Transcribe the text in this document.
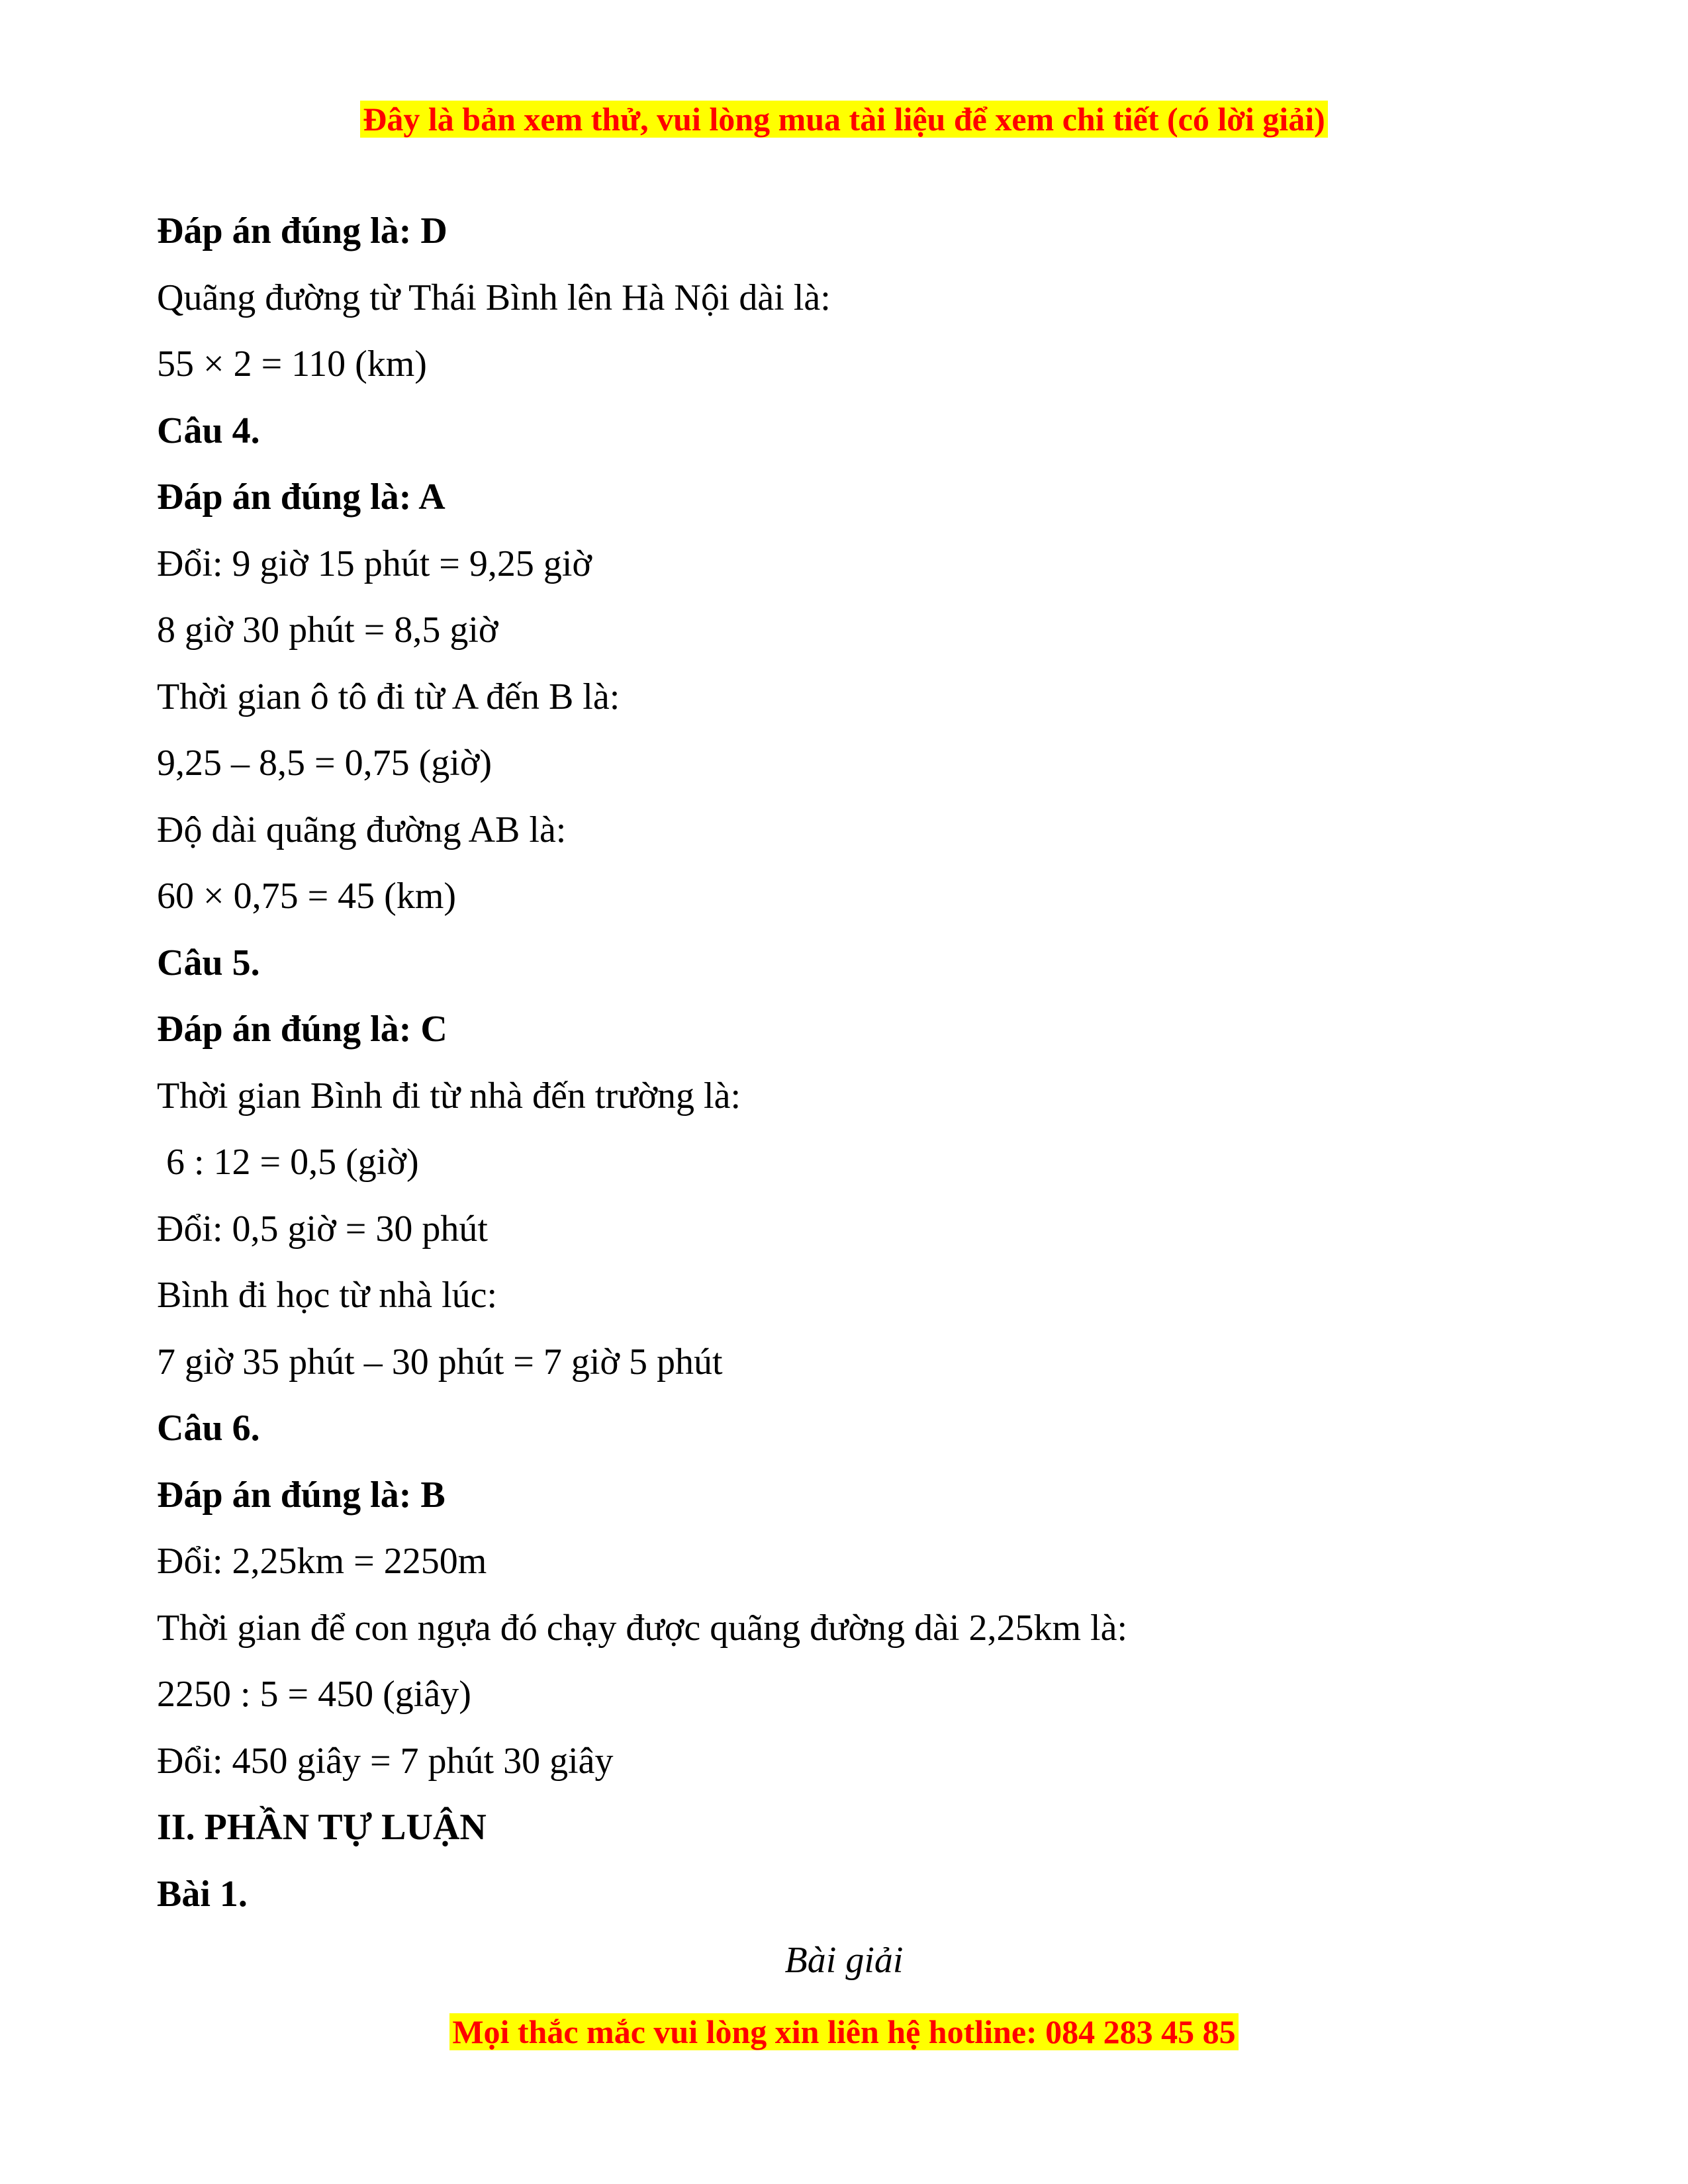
Đây là bản xem thử, vui lòng mua tài liệu để xem chi tiết (có lời giải)
Đáp án đúng là: D
Quãng đường từ Thái Bình lên Hà Nội dài là:
55 × 2 = 110 (km)
Câu 4.
Đáp án đúng là: A
Đổi: 9 giờ 15 phút = 9,25 giờ
8 giờ 30 phút = 8,5 giờ
Thời gian ô tô đi từ A đến B là:
9,25 – 8,5 = 0,75 (giờ)
Độ dài quãng đường AB là:
60 × 0,75 = 45 (km)
Câu 5.
Đáp án đúng là: C
Thời gian Bình đi từ nhà đến trường là:
6 : 12 = 0,5 (giờ)
Đổi: 0,5 giờ = 30 phút
Bình đi học từ nhà lúc:
7 giờ 35 phút – 30 phút = 7 giờ 5 phút
Câu 6.
Đáp án đúng là: B
Đổi: 2,25km = 2250m
Thời gian để con ngựa đó chạy được quãng đường dài 2,25km là:
2250 : 5 = 450 (giây)
Đổi: 450 giây = 7 phút 30 giây
II. PHẦN TỰ LUẬN
Bài 1.
Bài giải
Mọi thắc mắc vui lòng xin liên hệ hotline: 084 283 45 85
